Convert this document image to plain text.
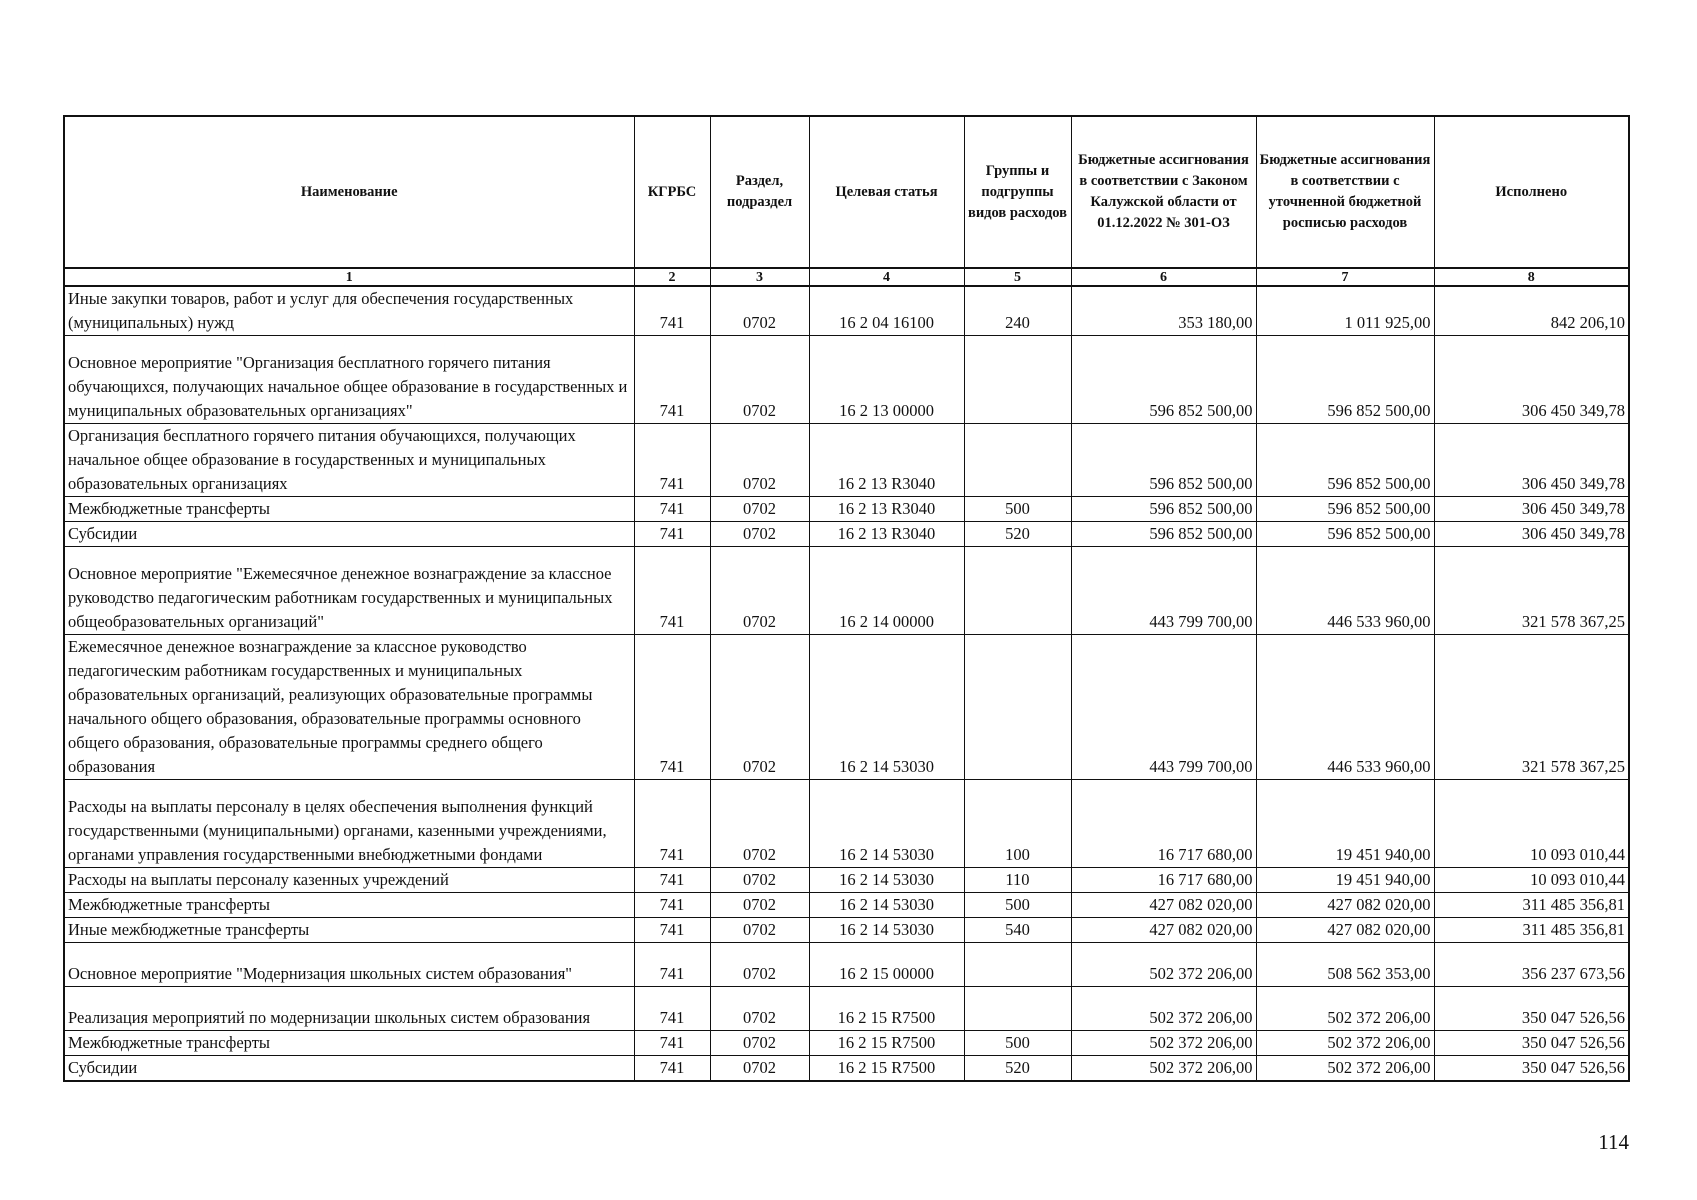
Наименование	КГРБС	Раздел, подраздел	Целевая статья	Группы и подгруппы видов расходов	Бюджетные ассигнования в соответствии с Законом Калужской области от 01.12.2022 № 301-ОЗ	Бюджетные ассигнования в соответствии с уточненной бюджетной росписью расходов	Исполнено
1	2	3	4	5	6	7	8
Иные закупки товаров, работ и услуг для обеспечения государственных (муниципальных) нужд	741	0702	16 2 04 16100	240	353 180,00	1 011 925,00	842 206,10
Основное мероприятие "Организация бесплатного горячего питания обучающихся, получающих начальное общее образование в государственных и муниципальных образовательных организациях"	741	0702	16 2 13 00000		596 852 500,00	596 852 500,00	306 450 349,78
Организация бесплатного горячего питания обучающихся, получающих начальное общее образование в государственных и муниципальных образовательных организациях	741	0702	16 2 13 R3040		596 852 500,00	596 852 500,00	306 450 349,78
Межбюджетные трансферты	741	0702	16 2 13 R3040	500	596 852 500,00	596 852 500,00	306 450 349,78
Субсидии	741	0702	16 2 13 R3040	520	596 852 500,00	596 852 500,00	306 450 349,78
Основное мероприятие "Ежемесячное денежное вознаграждение за классное руководство педагогическим работникам государственных и муниципальных общеобразовательных организаций"	741	0702	16 2 14 00000		443 799 700,00	446 533 960,00	321 578 367,25
Ежемесячное денежное вознаграждение за классное руководство педагогическим работникам государственных и муниципальных образовательных организаций, реализующих образовательные программы начального общего образования, образовательные программы основного общего образования, образовательные программы среднего общего образования	741	0702	16 2 14 53030		443 799 700,00	446 533 960,00	321 578 367,25
Расходы на выплаты персоналу в целях обеспечения выполнения функций государственными (муниципальными) органами, казенными учреждениями, органами управления государственными внебюджетными фондами	741	0702	16 2 14 53030	100	16 717 680,00	19 451 940,00	10 093 010,44
Расходы на выплаты персоналу казенных учреждений	741	0702	16 2 14 53030	110	16 717 680,00	19 451 940,00	10 093 010,44
Межбюджетные трансферты	741	0702	16 2 14 53030	500	427 082 020,00	427 082 020,00	311 485 356,81
Иные межбюджетные трансферты	741	0702	16 2 14 53030	540	427 082 020,00	427 082 020,00	311 485 356,81
Основное мероприятие "Модернизация школьных систем образования"	741	0702	16 2 15 00000		502 372 206,00	508 562 353,00	356 237 673,56
Реализация мероприятий по модернизации школьных систем образования	741	0702	16 2 15 R7500		502 372 206,00	502 372 206,00	350 047 526,56
Межбюджетные трансферты	741	0702	16 2 15 R7500	500	502 372 206,00	502 372 206,00	350 047 526,56
Субсидии	741	0702	16 2 15 R7500	520	502 372 206,00	502 372 206,00	350 047 526,56
114
